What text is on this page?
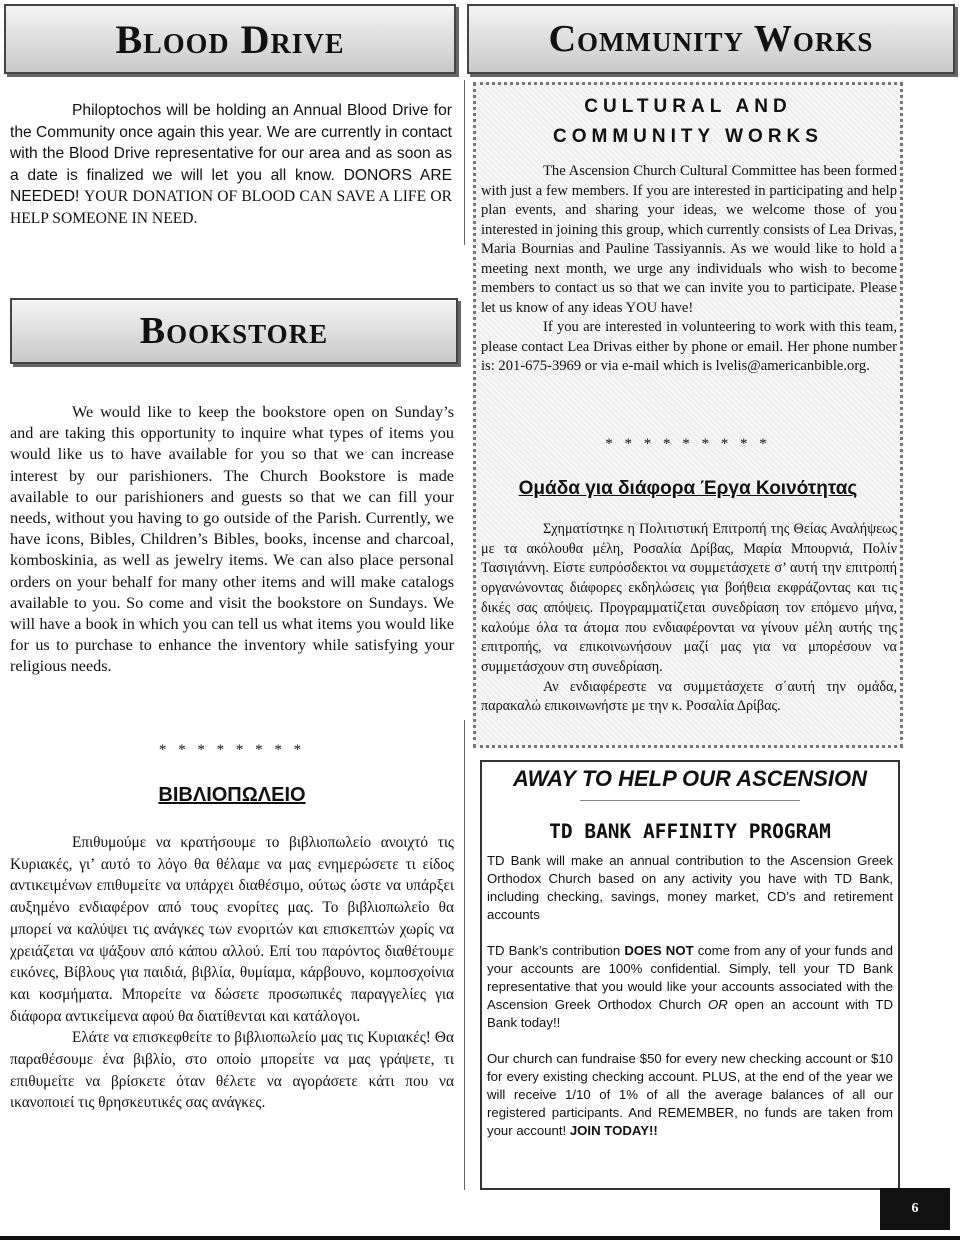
Blood Drive
Philoptochos will be holding an Annual Blood Drive for the Community once again this year. We are currently in contact with the Blood Drive representative for our area and as soon as a date is finalized we will let you all know. DONORS ARE NEEDED! YOUR DONATION OF BLOOD CAN SAVE A LIFE OR HELP SOMEONE IN NEED.
Bookstore
We would like to keep the bookstore open on Sunday’s and are taking this opportunity to inquire what types of items you would like us to have available for you so that we can increase interest by our parishioners. The Church Bookstore is made available to our parishioners and guests so that we can fill your needs, without you having to go outside of the Parish. Currently, we have icons, Bibles, Children’s Bibles, books, incense and charcoal, komboskinia, as well as jewelry items. We can also place personal orders on your behalf for many other items and will make catalogs available to you. So come and visit the bookstore on Sundays. We will have a book in which you can tell us what items you would like for us to purchase to enhance the inventory while satisfying your religious needs.
* * * * * * * *
ΒΙΒΛΙΟΠΩΛΕΙΟ

Επιθυμούμε να κρατήσουμε το βιβλιοπωλείο ανοιχτό τις Κυριακές, γι’ αυτό το λόγο θα θέλαμε να μας ενημερώσετε τι είδος αντικειμένων επιθυμείτε να υπάρχει διαθέσιμο, ούτως ώστε να υπάρξει αυξημένο ενδιαφέρον από τους ενορίτες μας. Το βιβλιοπωλείο θα μπορεί να καλύψει τις ανάγκες των ενοριτών και επισκεπτών χωρίς να χρειάζεται να ψάξουν από κάπου αλλού. Επί του παρόντος διαθέτουμε εικόνες, Βίβλους για παιδιά, βιβλία, θυμίαμα, κάρβουνο, κομποσχοίνια και κοσμήματα. Μπορείτε να δώσετε προσωπικές παραγγελίες για διάφορα αντικείμενα αφού θα διατίθενται και κατάλογοι.

Ελάτε να επισκεφθείτε το βιβλιοπωλείο μας τις Κυριακές! Θα παραθέσουμε ένα βιβλίο, στο οποίο μπορείτε να μας γράψετε, τι επιθυμείτε να βρίσκετε όταν θέλετε να αγοράσετε κάτι που να ικανοποιεί τις θρησκευτικές σας ανάγκες.

Community Works
CULTURAL AND
COMMUNITY WORKS

The Ascension Church Cultural Committee has been formed with just a few members. If you are interested in participating and help plan events, and sharing your ideas, we welcome those of you interested in joining this group, which currently consists of Lea Drivas, Maria Bournias and Pauline Tassiyannis. As we would like to hold a meeting next month, we urge any individuals who wish to become members to contact us so that we can invite you to participate. Please let us know of any ideas YOU have!

If you are interested in volunteering to work with this team, please contact Lea Drivas either by phone or email. Her phone number is: 201-675-3969 or via e-mail which is lvelis@americanbible.org.

* * * * * * * * *
Ομάδα για διάφορα Έργα Κοινότητας

Σχηματίστηκε η Πολιτιστική Επιτροπή της Θείας Αναλήψεως με τα ακόλουθα μέλη, Ροσαλία Δρίβας, Μαρία Μπουρνιά, Πολίν Τασιγιάννη. Είστε ευπρόσδεκτοι να συμμετάσχετε σ’ αυτή την επιτροπή οργανώνοντας διάφορες εκδηλώσεις για βοήθεια εκφράζοντας και τις δικές σας απόψεις. Προγραμματίζεται συνεδρίαση τον επόμενο μήνα, καλούμε όλα τα άτομα που ενδιαφέρονται να γίνουν μέλη αυτής της επιτροπής, να επικοινωνήσουν μαζί μας για να μπορέσουν να συμμετάσχουν στη συνεδρίαση.

Αν ενδιαφέρεστε να συμμετάσχετε σ΄αυτή την ομάδα, παρακαλώ επικοινωνήστε με την κ. Ροσαλία Δρίβας.

AWAY TO HELP OUR ASCENSION
TD BANK AFFINITY PROGRAM

TD Bank will make an annual contribution to the Ascension Greek Orthodox Church based on any activity you have with TD Bank, including checking, savings, money market, CD’s and retirement accounts

TD Bank’s contribution DOES NOT come from any of your funds and your accounts are 100% confidential. Simply, tell your TD Bank representative that you would like your accounts associated with the Ascension Greek Orthodox Church OR open an account with TD Bank today!!

Our church can fundraise $50 for every new checking account or $10 for every existing checking account. PLUS, at the end of the year we will receive 1/10 of 1% of all the average balances of all our registered participants. And REMEMBER, no funds are taken from your account! JOIN TODAY!!

6
